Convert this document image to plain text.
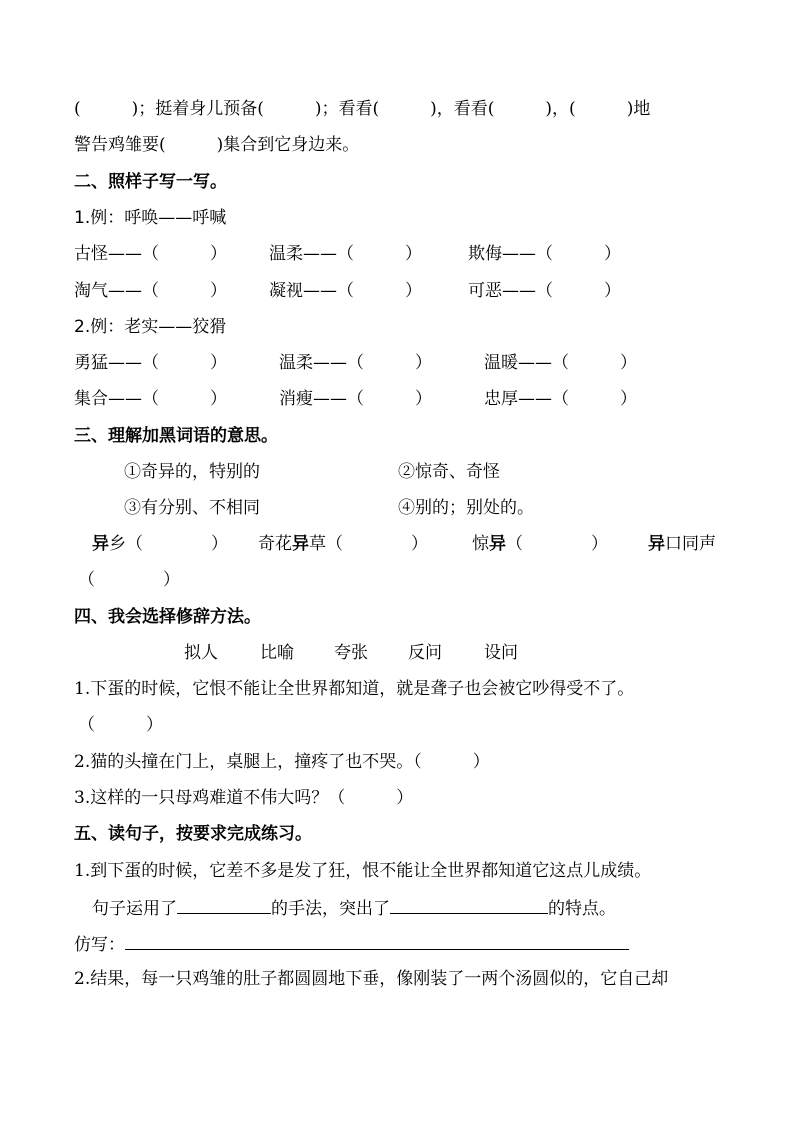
(　　　)；挺着身儿预备(　　　)；看看(　　　)，看看(　　　)，(　　　)地
警告鸡雏要(　　　)集合到它身边来。
二、照样子写一写。
1.例：呼唤——呼喊
古怪——（　　　） 温柔——（　　　）	欺侮——（　　　）
淘气——（　　　） 凝视——（　　　）	可恶——（　　　）
2.例：老实——狡猾
勇猛——（　　　）	温柔——（　　　）	温暖——（　　　）
集合——（　　　）	消瘦——（　　　）	忠厚——（　　　）
三、理解加黑词语的意思。
①奇异的，特别的	②惊奇、奇怪
③有分别、不相同	④别的；别处的。
异乡（　　　　） 奇花异草（　　　　）	惊异（　　　　） 异口同声
（　　　　）
四、我会选择修辞方法。
拟人 比喻 夸张 反问 设问
1.下蛋的时候，它恨不能让全世界都知道，就是聋子也会被它吵得受不了。
（　　　）
2.猫的头撞在门上，桌腿上，撞疼了也不哭。（　　　）
3.这样的一只母鸡难道不伟大吗？（　　　）
五、读句子，按要求完成练习。
1.到下蛋的时候，它差不多是发了狂，恨不能让全世界都知道它这点儿成绩。
句子运用了	的手法，突出了	的特点。
仿写：
2.结果，每一只鸡雏的肚子都圆圆地下垂，像刚装了一两个汤圆似的，它自己却
